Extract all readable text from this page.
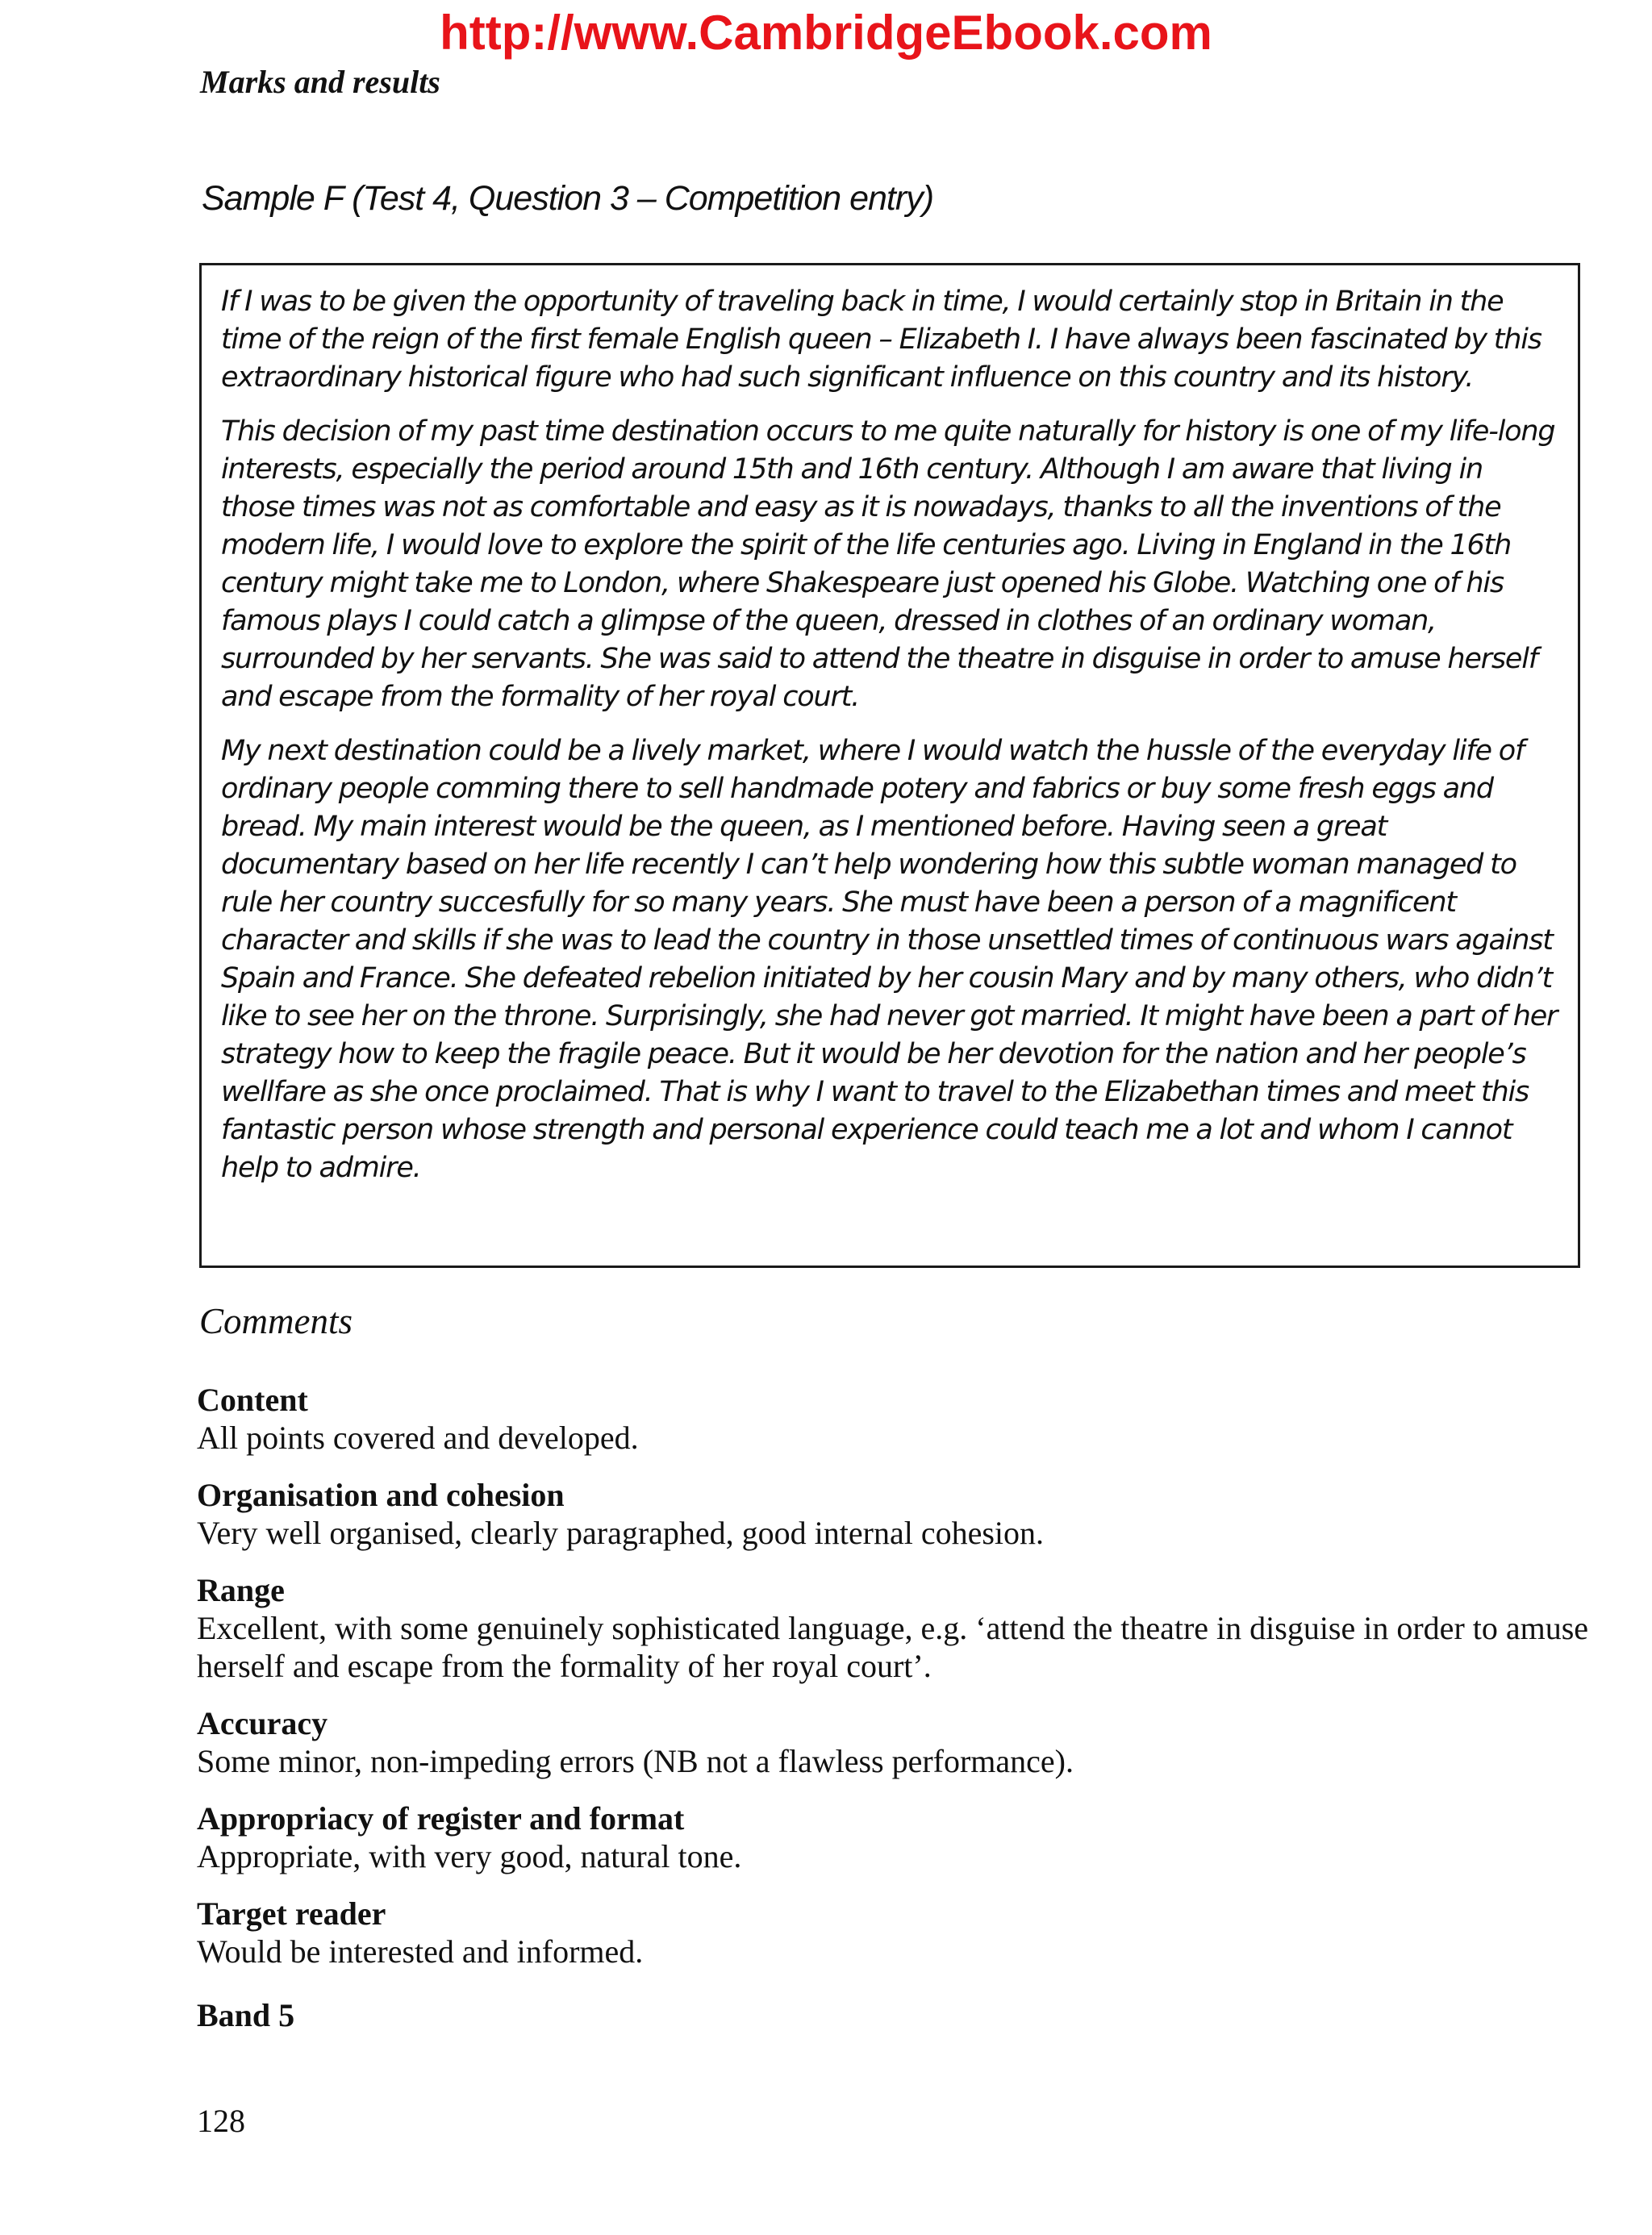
http://www.CambridgeEbook.com
Marks and results
Sample F (Test 4, Question 3 – Competition entry)

If I was to be given the opportunity of traveling back in time, I would certainly stop in Britain in the time of the reign of the first female English queen – Elizabeth I. I have always been fascinated by this extraordinary historical figure who had such significant influence on this country and its history.

This decision of my past time destination occurs to me quite naturally for history is one of my life-long interests, especially the period around 15th and 16th century. Although I am aware that living in those times was not as comfortable and easy as it is nowadays, thanks to all the inventions of the modern life, I would love to explore the spirit of the life centuries ago. Living in England in the 16th century might take me to London, where Shakespeare just opened his Globe. Watching one of his famous plays I could catch a glimpse of the queen, dressed in clothes of an ordinary woman, surrounded by her servants. She was said to attend the theatre in disguise in order to amuse herself and escape from the formality of her royal court.

My next destination could be a lively market, where I would watch the hussle of the everyday life of ordinary people comming there to sell handmade potery and fabrics or buy some fresh eggs and bread. My main interest would be the queen, as I mentioned before. Having seen a great documentary based on her life recently I can’t help wondering how this subtle woman managed to rule her country succesfully for so many years. She must have been a person of a magnificent character and skills if she was to lead the country in those unsettled times of continuous wars against Spain and France. She defeated rebelion initiated by her cousin Mary and by many others, who didn’t like to see her on the throne. Surprisingly, she had never got married. It might have been a part of her strategy how to keep the fragile peace. But it would be her devotion for the nation and her people’s wellfare as she once proclaimed. That is why I want to travel to the Elizabethan times and meet this fantastic person whose strength and personal experience could teach me a lot and whom I cannot help to admire.

Comments
Content
All points covered and developed.
Organisation and cohesion
Very well organised, clearly paragraphed, good internal cohesion.
Range
Excellent, with some genuinely sophisticated language, e.g. ‘attend the theatre in disguise in order to amuse herself and escape from the formality of her royal court’.
Accuracy
Some minor, non-impeding errors (NB not a flawless performance).
Appropriacy of register and format
Appropriate, with very good, natural tone.
Target reader
Would be interested and informed.
Band 5
128
